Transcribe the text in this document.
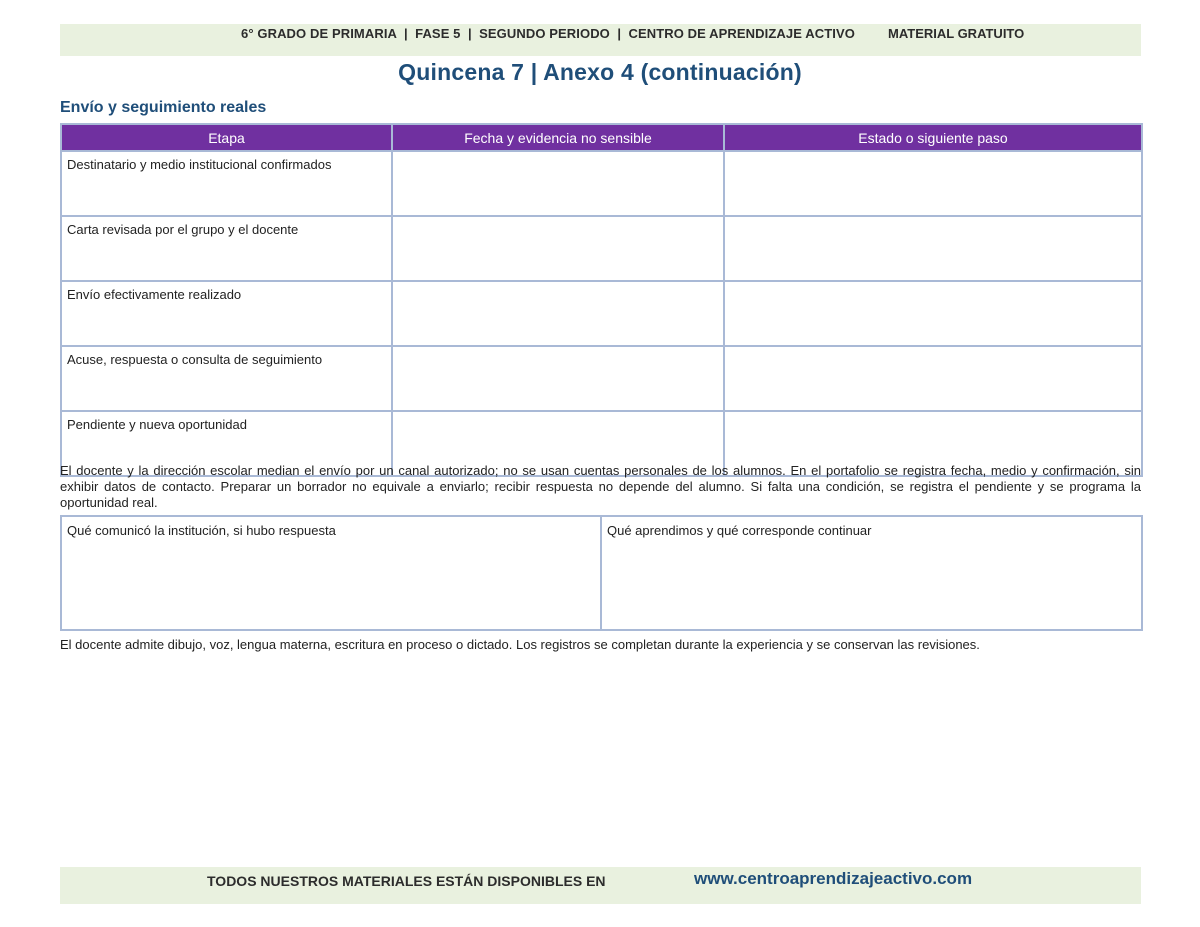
6° GRADO DE PRIMARIA  |  FASE 5  |  SEGUNDO PERIODO  |  CENTRO DE APRENDIZAJE ACTIVO	MATERIAL GRATUITO
Quincena 7 | Anexo 4 (continuación)
Envío y seguimiento reales
Etapa	Fecha y evidencia no sensible	Estado o siguiente paso
Destinatario y medio institucional confirmados		
Carta revisada por el grupo y el docente		
Envío efectivamente realizado		
Acuse, respuesta o consulta de seguimiento		
Pendiente y nueva oportunidad		
El docente y la dirección escolar median el envío por un canal autorizado; no se usan cuentas personales de los alumnos. En el portafolio se registra fecha, medio y confirmación, sin exhibir datos de contacto. Preparar un borrador no equivale a enviarlo; recibir respuesta no depende del alumno. Si falta una condición, se registra el pendiente y se programa la oportunidad real.
Qué comunicó la institución, si hubo respuesta	Qué aprendimos y qué corresponde continuar
El docente admite dibujo, voz, lengua materna, escritura en proceso o dictado. Los registros se completan durante la experiencia y se conservan las revisiones.
TODOS NUESTROS MATERIALES ESTÁN DISPONIBLES EN	www.centroaprendizajeactivo.com
